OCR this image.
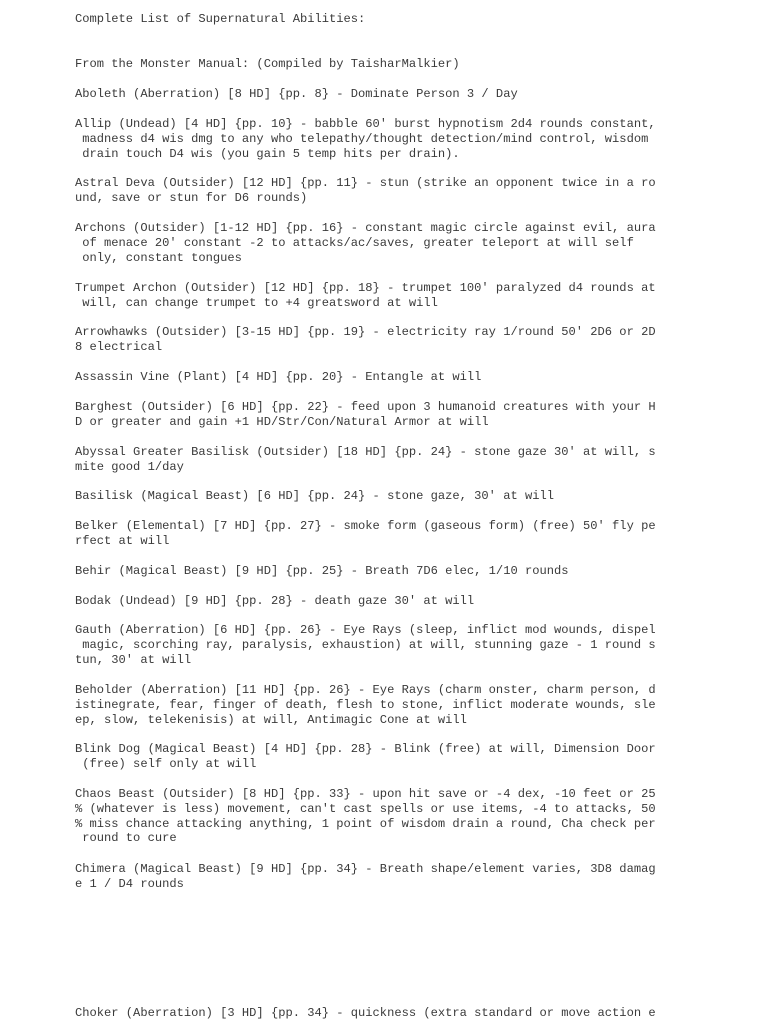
Complete List of Supernatural Abilities:

From the Monster Manual: (Compiled by TaisharMalkier)

Aboleth (Aberration) [8 HD] {pp. 8} - Dominate Person 3 / Day

Allip (Undead) [4 HD] {pp. 10} - babble 60' burst hypnotism 2d4 rounds constant,
madness d4 wis dmg to any who telepathy/thought detection/mind control, wisdom
drain touch D4 wis (you gain 5 temp hits per drain).

Astral Deva (Outsider) [12 HD] {pp. 11} - stun (strike an opponent twice in a ro
und, save or stun for D6 rounds)

Archons (Outsider) [1-12 HD] {pp. 16} - constant magic circle against evil, aura
of menace 20' constant -2 to attacks/ac/saves, greater teleport at will self
only, constant tongues

Trumpet Archon (Outsider) [12 HD] {pp. 18} - trumpet 100' paralyzed d4 rounds at
will, can change trumpet to +4 greatsword at will

Arrowhawks (Outsider) [3-15 HD] {pp. 19} - electricity ray 1/round 50' 2D6 or 2D
8 electrical

Assassin Vine (Plant) [4 HD] {pp. 20} - Entangle at will

Barghest (Outsider) [6 HD] {pp. 22} - feed upon 3 humanoid creatures with your H
D or greater and gain +1 HD/Str/Con/Natural Armor at will

Abyssal Greater Basilisk (Outsider) [18 HD] {pp. 24} - stone gaze 30' at will, s
mite good 1/day

Basilisk (Magical Beast) [6 HD] {pp. 24} - stone gaze, 30' at will

Belker (Elemental) [7 HD] {pp. 27} - smoke form (gaseous form) (free) 50' fly pe
rfect at will

Behir (Magical Beast) [9 HD] {pp. 25} - Breath 7D6 elec, 1/10 rounds

Bodak (Undead) [9 HD] {pp. 28} - death gaze 30' at will

Gauth (Aberration) [6 HD] {pp. 26} - Eye Rays (sleep, inflict mod wounds, dispel
magic, scorching ray, paralysis, exhaustion) at will, stunning gaze - 1 round s
tun, 30' at will

Beholder (Aberration) [11 HD] {pp. 26} - Eye Rays (charm onster, charm person, d
istinegrate, fear, finger of death, flesh to stone, inflict moderate wounds, sle
ep, slow, telekenisis) at will, Antimagic Cone at will

Blink Dog (Magical Beast) [4 HD] {pp. 28} - Blink (free) at will, Dimension Door
(free) self only at will

Chaos Beast (Outsider) [8 HD] {pp. 33} - upon hit save or -4 dex, -10 feet or 25
% (whatever is less) movement, can't cast spells or use items, -4 to attacks, 50
% miss chance attacking anything, 1 point of wisdom drain a round, Cha check per
round to cure

Chimera (Magical Beast) [9 HD] {pp. 34} - Breath shape/element varies, 3D8 damag
e 1 / D4 rounds

Choker (Aberration) [3 HD] {pp. 34} - quickness (extra standard or move action e
